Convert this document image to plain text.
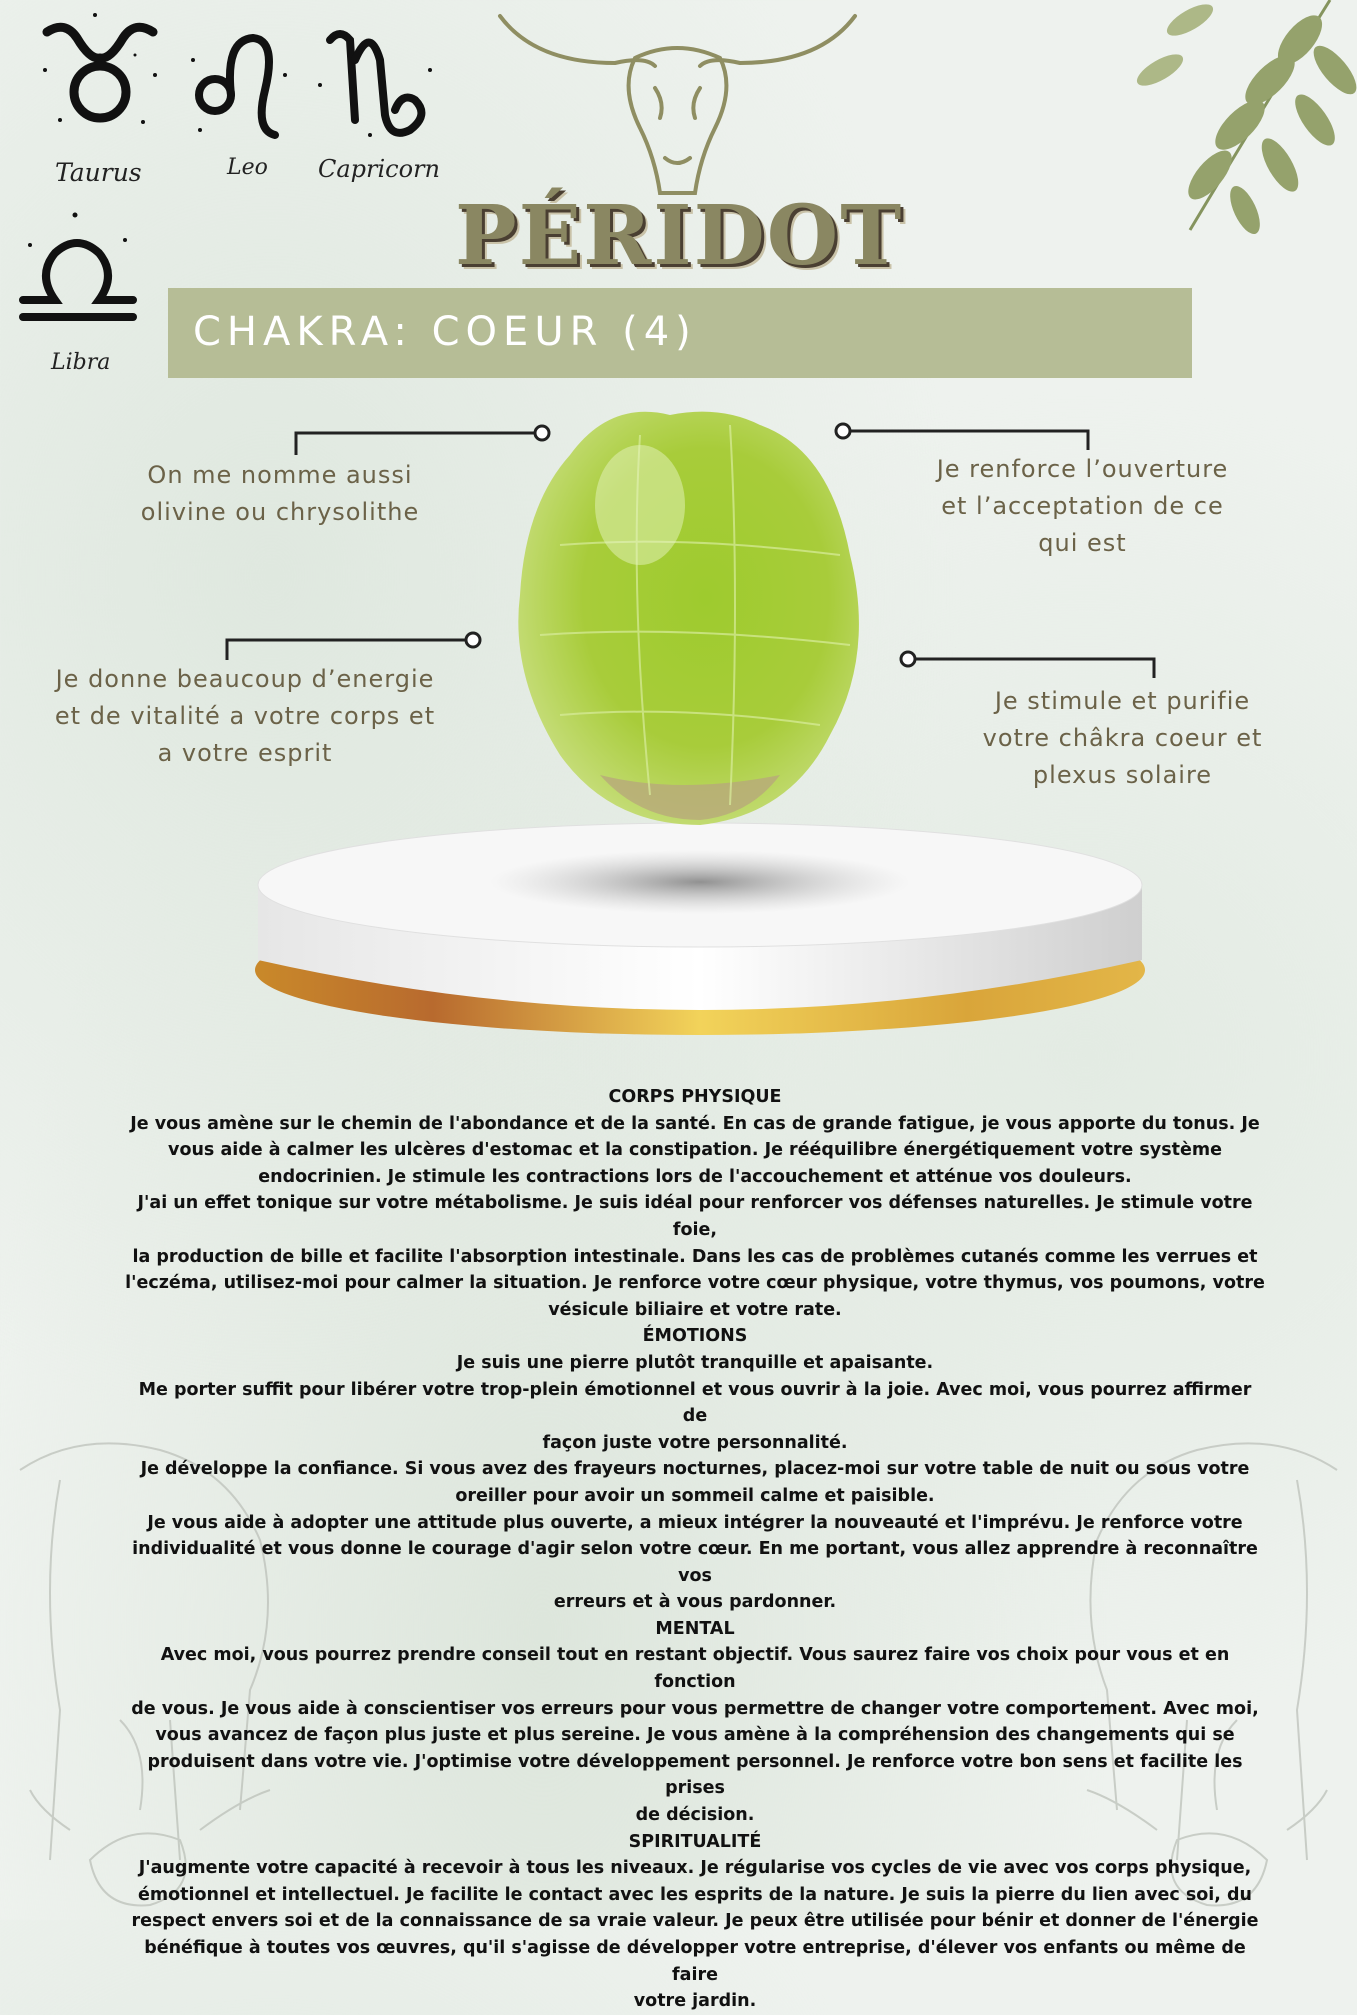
Taurus	Leo Capricorn
Libra
PÉRIDOT
CHAKRA: COEUR (4)
On me nomme aussi
olivine ou chrysolithe
Je renforce l’ouverture
et l’acceptation de ce
qui est
Je donne beaucoup d’energie
et de vitalité a votre corps et
a votre esprit
Je stimule et purifie
votre châkra coeur et
plexus solaire

CORPS PHYSIQUE

Je vous amène sur le chemin de l'abondance et de la santé. En cas de grande fatigue, je vous apporte du tonus. Je

vous aide à calmer les ulcères d'estomac et la constipation. Je rééquilibre énergétiquement votre système

endocrinien. Je stimule les contractions lors de l'accouchement et atténue vos douleurs.

J'ai un effet tonique sur votre métabolisme. Je suis idéal pour renforcer vos défenses naturelles. Je stimule votre foie,

la production de bille et facilite l'absorption intestinale. Dans les cas de problèmes cutanés comme les verrues et

l'eczéma, utilisez-moi pour calmer la situation. Je renforce votre cœur physique, votre thymus, vos poumons, votre

vésicule biliaire et votre rate.

ÉMOTIONS

Je suis une pierre plutôt tranquille et apaisante.

Me porter suffit pour libérer votre trop-plein émotionnel et vous ouvrir à la joie. Avec moi, vous pourrez affirmer de

façon juste votre personnalité.

Je développe la confiance. Si vous avez des frayeurs nocturnes, placez-moi sur votre table de nuit ou sous votre

oreiller pour avoir un sommeil calme et paisible.

Je vous aide à adopter une attitude plus ouverte, a mieux intégrer la nouveauté et l'imprévu. Je renforce votre

individualité et vous donne le courage d'agir selon votre cœur. En me portant, vous allez apprendre à reconnaître vos

erreurs et à vous pardonner.

MENTAL

Avec moi, vous pourrez prendre conseil tout en restant objectif. Vous saurez faire vos choix pour vous et en fonction

de vous. Je vous aide à conscientiser vos erreurs pour vous permettre de changer votre comportement. Avec moi,

vous avancez de façon plus juste et plus sereine. Je vous amène à la compréhension des changements qui se

produisent dans votre vie. J'optimise votre développement personnel. Je renforce votre bon sens et facilite les prises

de décision.

SPIRITUALITÉ

J'augmente votre capacité à recevoir à tous les niveaux. Je régularise vos cycles de vie avec vos corps physique,

émotionnel et intellectuel. Je facilite le contact avec les esprits de la nature. Je suis la pierre du lien avec soi, du

respect envers soi et de la connaissance de sa vraie valeur. Je peux être utilisée pour bénir et donner de l'énergie

bénéfique à toutes vos œuvres, qu'il s'agisse de développer votre entreprise, d'élever vos enfants ou même de faire

votre jardin.
